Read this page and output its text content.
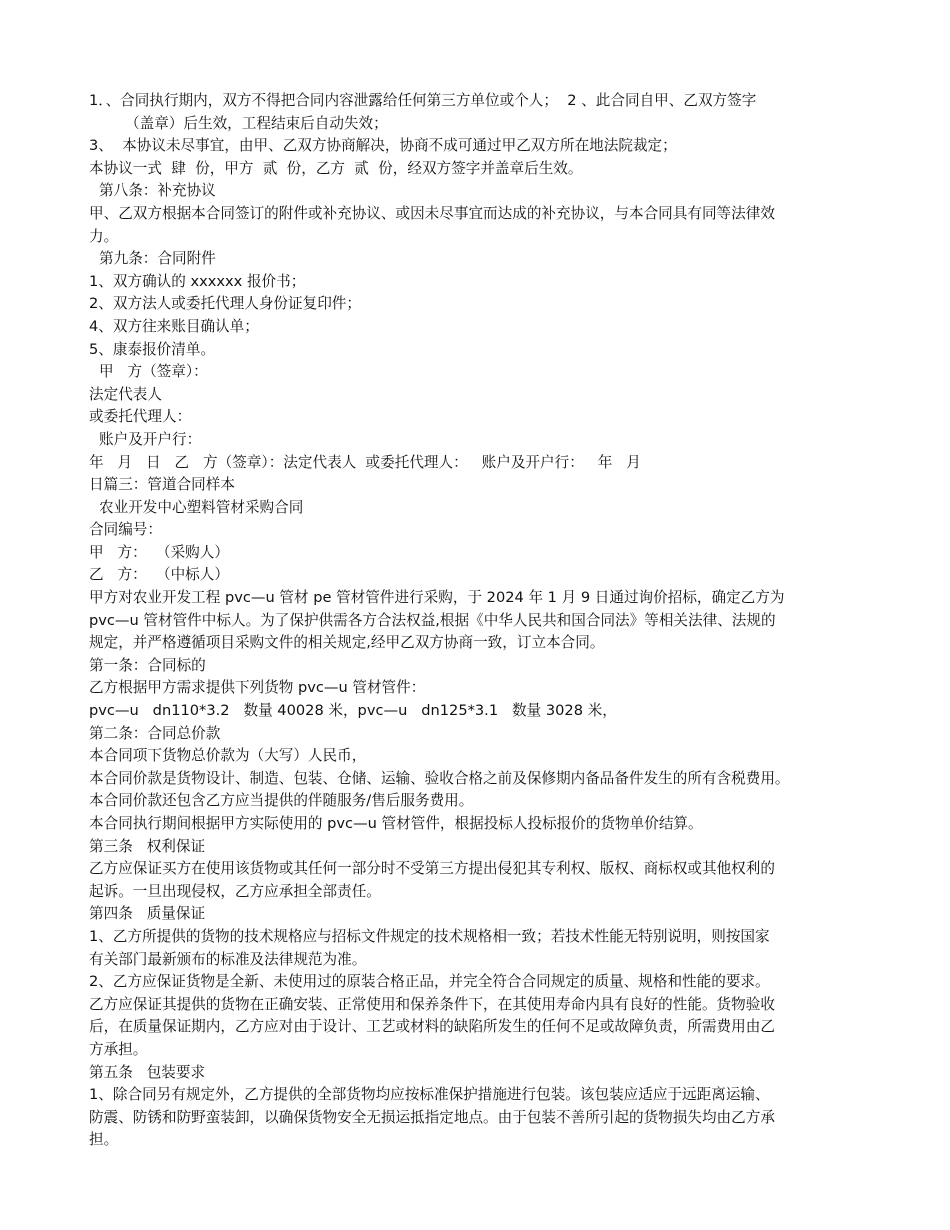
1．、合同执行期内，双方不得把合同内容泄露给任何第三方单位或个人；  2 、此合同自甲、乙双方签字
（盖章）后生效，工程结束后自动失效；
3、  本协议未尽事宜，由甲、乙双方协商解决，协商不成可通过甲乙双方所在地法院裁定；
本协议一式  肆  份，甲方  贰  份，乙方  贰  份，经双方签字并盖章后生效。
第八条：补充协议
甲、乙双方根据本合同签订的附件或补充协议、或因未尽事宜而达成的补充协议，与本合同具有同等法律效
力。
第九条：合同附件
1、双方确认的 xxxxxx 报价书；
2、双方法人或委托代理人身份证复印件；
4、双方往来账目确认单；
5、康泰报价清单。
甲   方（签章）：
法定代表人
或委托代理人：
账户及开户行：
年   月   日   乙   方（签章）：法定代表人  或委托代理人：   账户及开户行：   年   月
日篇三：管道合同样本
农业开发中心塑料管材采购合同
合同编号：
甲   方：  （采购人）
乙   方：  （中标人）
甲方对农业开发工程 pvc—u 管材 pe 管材管件进行采购，于 2024 年 1 月 9 日通过询价招标，确定乙方为
pvc—u 管材管件中标人。为了保护供需各方合法权益,根据《中华人民共和国合同法》等相关法律、法规的
规定，并严格遵循项目采购文件的相关规定,经甲乙双方协商一致，订立本合同。
第一条：合同标的
乙方根据甲方需求提供下列货物 pvc—u 管材管件：
pvc—u   dn110*3.2   数量 40028 米，pvc—u   dn125*3.1   数量 3028 米，
第二条：合同总价款
本合同项下货物总价款为（大写）人民币，
本合同价款是货物设计、制造、包装、仓储、运输、验收合格之前及保修期内备品备件发生的所有含税费用。
本合同价款还包含乙方应当提供的伴随服务/售后服务费用。
本合同执行期间根据甲方实际使用的 pvc—u 管材管件，根据投标人投标报价的货物单价结算。
第三条   权利保证
乙方应保证买方在使用该货物或其任何一部分时不受第三方提出侵犯其专利权、版权、商标权或其他权利的
起诉。一旦出现侵权，乙方应承担全部责任。
第四条   质量保证
1、乙方所提供的货物的技术规格应与招标文件规定的技术规格相一致；若技术性能无特别说明，则按国家
有关部门最新颁布的标准及法律规范为准。
2、乙方应保证货物是全新、未使用过的原装合格正品，并完全符合合同规定的质量、规格和性能的要求。
乙方应保证其提供的货物在正确安装、正常使用和保养条件下，在其使用寿命内具有良好的性能。货物验收
后，在质量保证期内，乙方应对由于设计、工艺或材料的缺陷所发生的任何不足或故障负责，所需费用由乙
方承担。
第五条   包装要求
1、除合同另有规定外，乙方提供的全部货物均应按标准保护措施进行包装。该包装应适应于远距离运输、
防震、防锈和防野蛮装卸，以确保货物安全无损运抵指定地点。由于包装不善所引起的货物损失均由乙方承
担。
